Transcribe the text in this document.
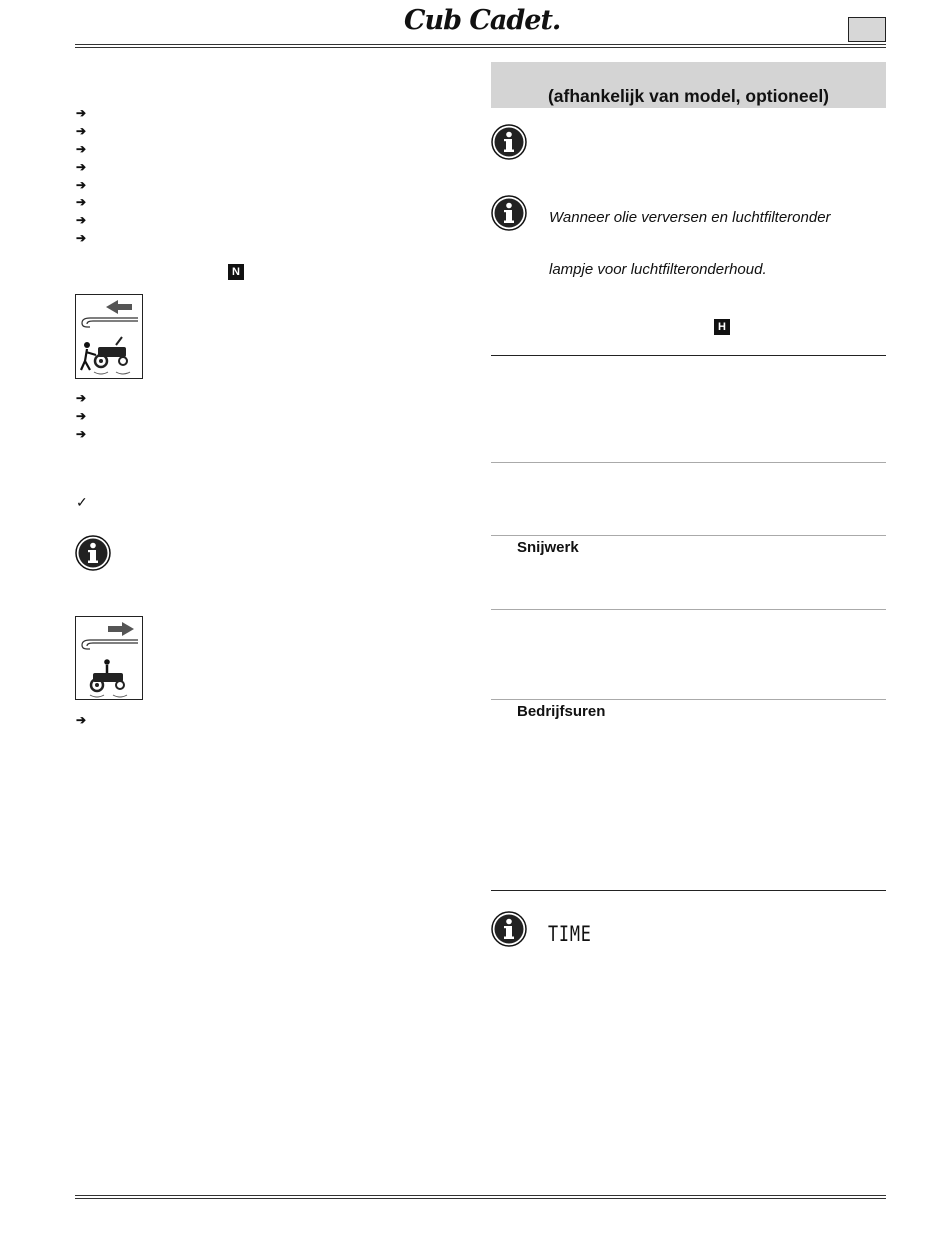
Cub Cadet.
➔
➔
➔
➔
➔
➔
➔
➔
N
➔
➔
➔
✓
➔
(afhankelijk van model, optioneel)
Wanneer olie verversen en luchtfilteronder
lampje voor luchtfilteronderhoud.
H
Snijwerk
Bedrijfsuren
TIME
